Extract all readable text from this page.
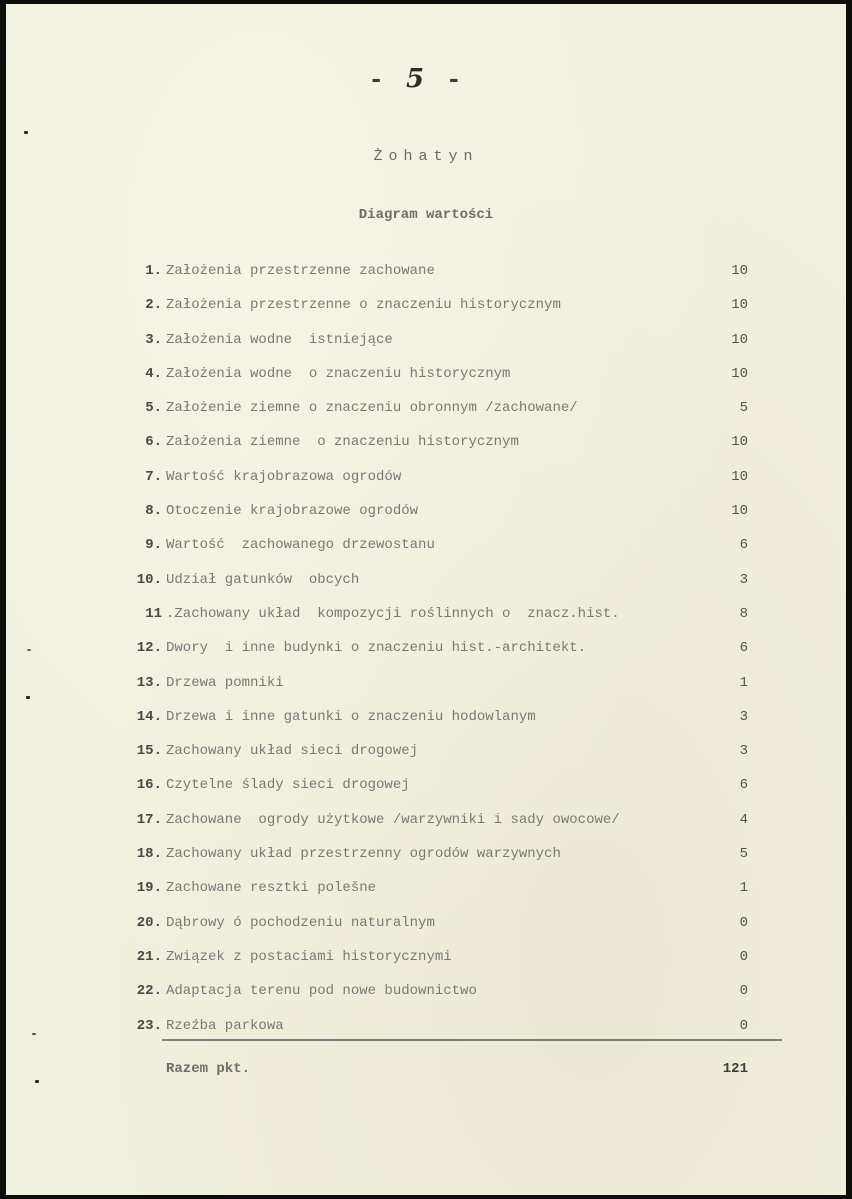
-5-
Żohatyn
Diagram wartości
1. Założenia przestrzenne zachowane	10
2. Założenia przestrzenne o znaczeniu historycznym	10
3. Założenia wodne  istniejące	10
4. Założenia wodne  o znaczeniu historycznym	10
5. Założenie ziemne o znaczeniu obronnym /zachowane/	5
6. Założenia ziemne  o znaczeniu historycznym	10
7. Wartość krajobrazowa ogrodów	10
8. Otoczenie krajobrazowe ogrodów	10
9. Wartość  zachowanego drzewostanu	6
10. Udział gatunków  obcych	3
11 .Zachowany układ  kompozycji roślinnych o  znacz.hist.	8
12. Dwory  i inne budynki o znaczeniu hist.-architekt.	6
13. Drzewa pomniki	1
14. Drzewa i inne gatunki o znaczeniu hodowlanym	3
15. Zachowany układ sieci drogowej	3
16. Czytelne ślady sieci drogowej	6
17. Zachowane  ogrody użytkowe /warzywniki i sady owocowe/	4
18. Zachowany układ przestrzenny ogrodów warzywnych	5
19. Zachowane resztki polešne	1
20. Dąbrowy ó pochodzeniu naturalnym	0
21. Związek z postaciami historycznymi	0
22. Adaptacja terenu pod nowe budownictwo	0
23. Rzeźba parkowa	0
Razem pkt.	121
